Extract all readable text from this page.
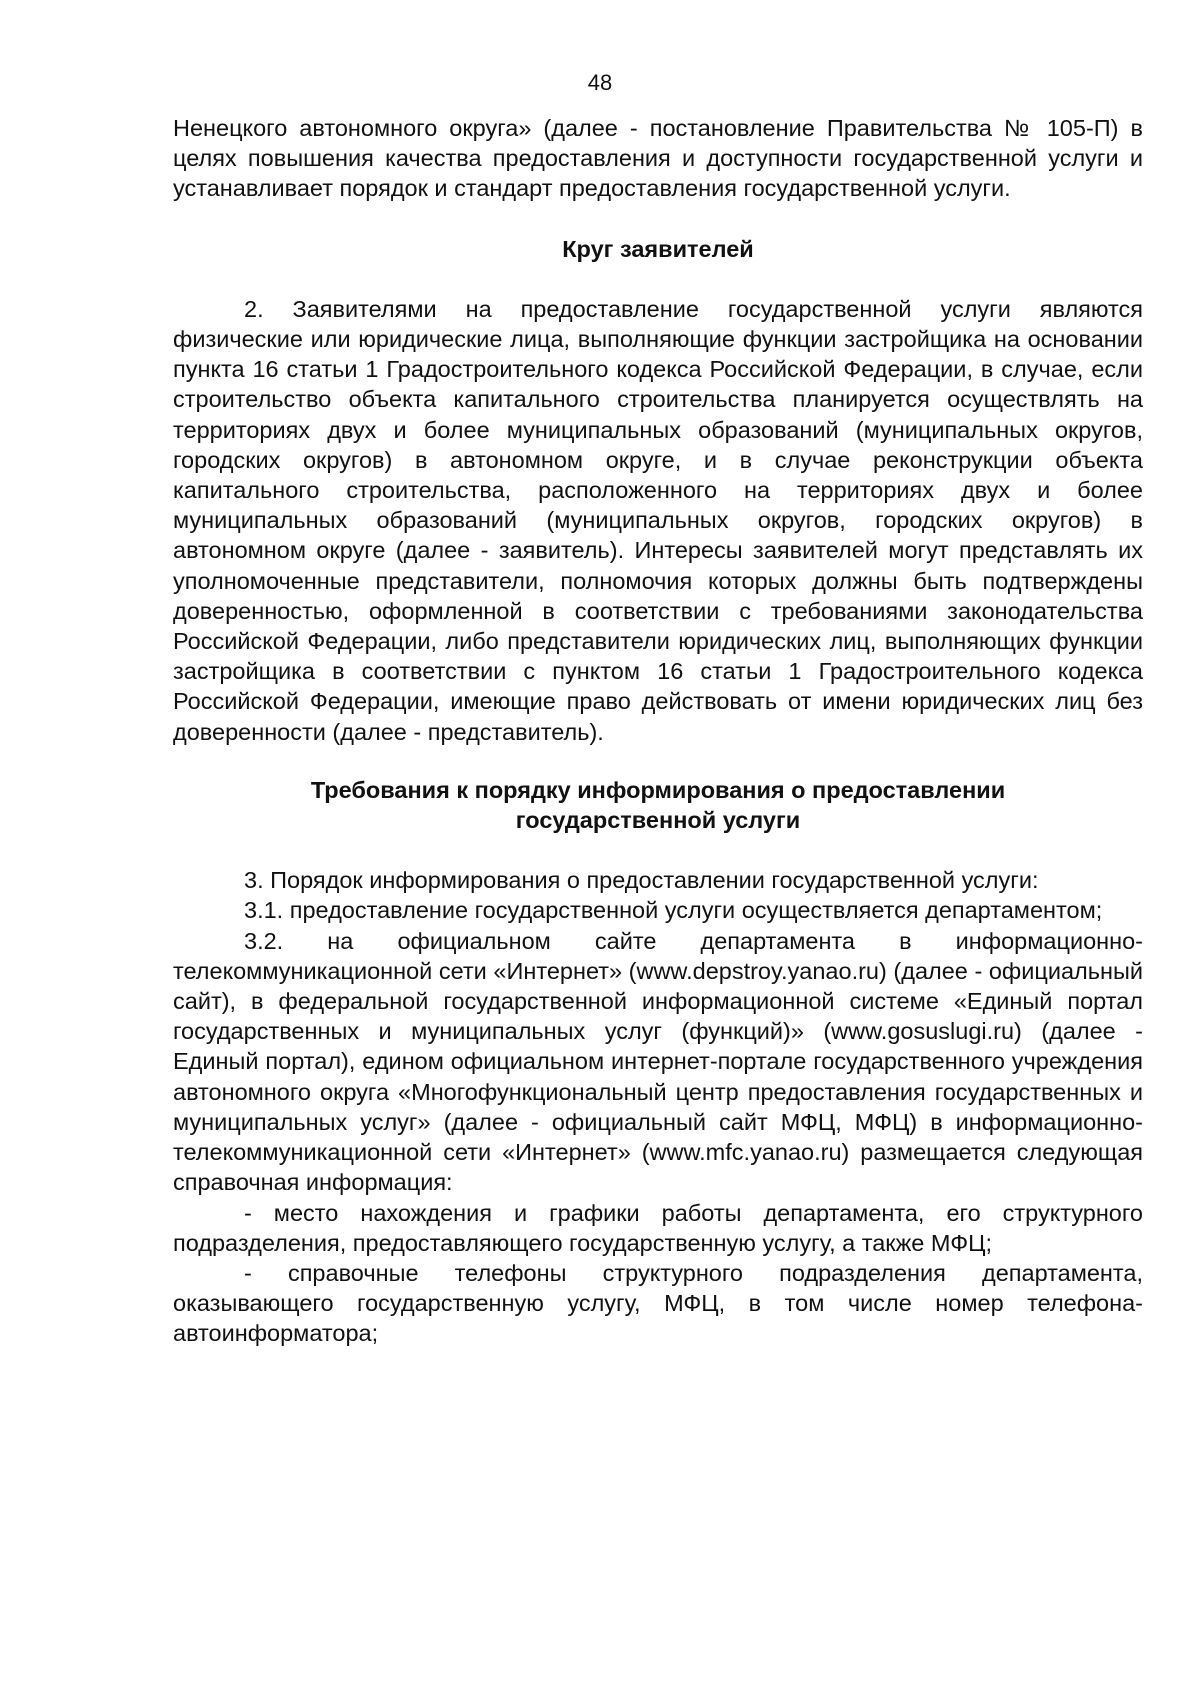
48

Ненецкого автономного округа» (далее - постановление Правительства № 105-П) в целях повышения качества предоставления и доступности государственной услуги и устанавливает порядок и стандарт предоставления государственной услуги.

Круг заявителей

2. Заявителями на предоставление государственной услуги являются физические или юридические лица, выполняющие функции застройщика на основании пункта 16 статьи 1 Градостроительного кодекса Российской Федерации, в случае, если строительство объекта капитального строительства планируется осуществлять на территориях двух и более муниципальных образований (муниципальных округов, городских округов) в автономном округе, и в случае реконструкции объекта капитального строительства, расположенного на территориях двух и более муниципальных образований (муниципальных округов, городских округов) в автономном округе (далее - заявитель). Интересы заявителей могут представлять их уполномоченные представители, полномочия которых должны быть подтверждены доверенностью, оформленной в соответствии с требованиями законодательства Российской Федерации, либо представители юридических лиц, выполняющих функции застройщика в соответствии с пунктом 16 статьи 1 Градостроительного кодекса Российской Федерации, имеющие право действовать от имени юридических лиц без доверенности (далее - представитель).

Требования к порядку информирования о предоставлении
государственной услуги

3. Порядок информирования о предоставлении государственной услуги:

3.1. предоставление государственной услуги осуществляется департаментом;

3.2. на официальном сайте департамента в информационно-телекоммуникационной сети «Интернет» (www.depstroy.yanao.ru) (далее - официальный сайт), в федеральной государственной информационной системе «Единый портал государственных и муниципальных услуг (функций)» (www.gosuslugi.ru) (далее - Единый портал), едином официальном интернет-портале государственного учреждения автономного округа «Многофункциональный центр предоставления государственных и муниципальных услуг» (далее - официальный сайт МФЦ, МФЦ) в информационно-телекоммуникационной сети «Интернет» (www.mfc.yanao.ru) размещается следующая справочная информация:

- место нахождения и графики работы департамента, его структурного подразделения, предоставляющего государственную услугу, а также МФЦ;

- справочные телефоны структурного подразделения департамента, оказывающего государственную услугу, МФЦ, в том числе номер телефона-автоинформатора;
